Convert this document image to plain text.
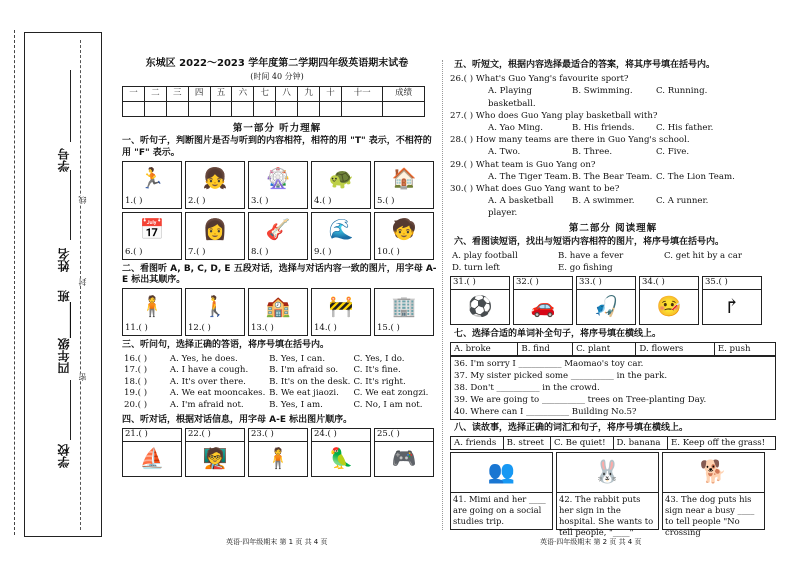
学校
四年级______班
姓名
学号
密
封
线
东城区 2022～2023 学年度第二学期四年级英语期末试卷
(时间 40 分钟)
一	二	三	四	五	六	七	八	九	十	十一	成绩

第一部分 听力理解
一、听句子，判断图片是否与听到的内容相符，相符的用 "T" 表示，不相符的用 "F" 表示。
🏃
1.( )
👧
2.( )
🎡
3.( )
🐢
4.( )
🏠
5.( )
📅
6.( )
👩
7.( )
🎸
8.( )
🌊
9.( )
🧒
10.( )
二、看图听 A, B, C, D, E 五段对话，选择与对话内容一致的图片，用字母 A-E 标出其顺序。
🧍
11.( )
🚶
12.( )
🏫
13.( )
🚧
14.( )
🏢
15.( )
三、听问句，选择正确的答语，将序号填在括号内。
16.( )	A. Yes, he does.	B. Yes, I can.	C. Yes, I do.
17.( )	A. I have a cough.	B. I'm afraid so.	C. It's fine.
18.( )	A. It's over there.	B. It's on the desk. C. It's right.
19.( )	A. We eat mooncakes. B. We eat jiaozi.	C. We eat zongzi.
20.( )	A. I'm afraid not.	B. Yes, I am.	C. No, I am not.
四、听对话，根据对话信息，用字母 A-E 标出图片顺序。
21.( )
⛵
22.( )
🧑‍🏫
23.( )
🧍
24.( )
🦜
25.( )
🎮
英语·四年级期末 第 1 页 共 4 页
五、听短文，根据内容选择最适合的答案，将其序号填在括号内。
26.( ) What's Guo Yang's favourite sport?
A. Playing basketball.
B. Swimming.	C. Running.
27.( ) Who does Guo Yang play basketball with?
A. Yao Ming.	B. His friends.	C. His father.
28.( ) How many teams are there in Guo Yang's school.
A. Two.	B. Three.	C. Five.
29.( ) What team is Guo Yang on?
A. The Tiger Team. B. The Bear Team. C. The Lion Team.
30.( ) What does Guo Yang want to be?
A. A basketball player.
B. A swimmer.	C. A runner.
第二部分 阅读理解
六、看图读短语，找出与短语内容相符的图片，将序号填在括号内。
A. play football	B. have a fever	C. get hit by a car
D. turn left	E. go fishing
31.( )
⚽
32.( )
🚗
33.( )
🎣
34.( )
🤒
35.( )
↱
七、选择合适的单词补全句子，将序号填在横线上。
A. broke	B. find	C. plant	D. flowers	E. push
36. I'm sorry I __________ Maomao's toy car.
37. My sister picked some __________ in the park.
38. Don't __________ in the crowd.
39. We are going to __________ trees on Tree-planting Day.
40. Where can I __________ Building No.5?
八、读故事，选择正确的词汇和句子，将序号填在横线上。
A. friends	B. street	C. Be quiet!	D. banana	E. Keep off the grass!
👥
41. Mimi and her ____ are going on a social studies trip.
🐰
42. The rabbit puts her sign in the hospital. She wants to tell people, "____"
🐕
43. The dog puts his sign near a busy ____ to tell people "No crossing
英语·四年级期末 第 2 页 共 4 页
